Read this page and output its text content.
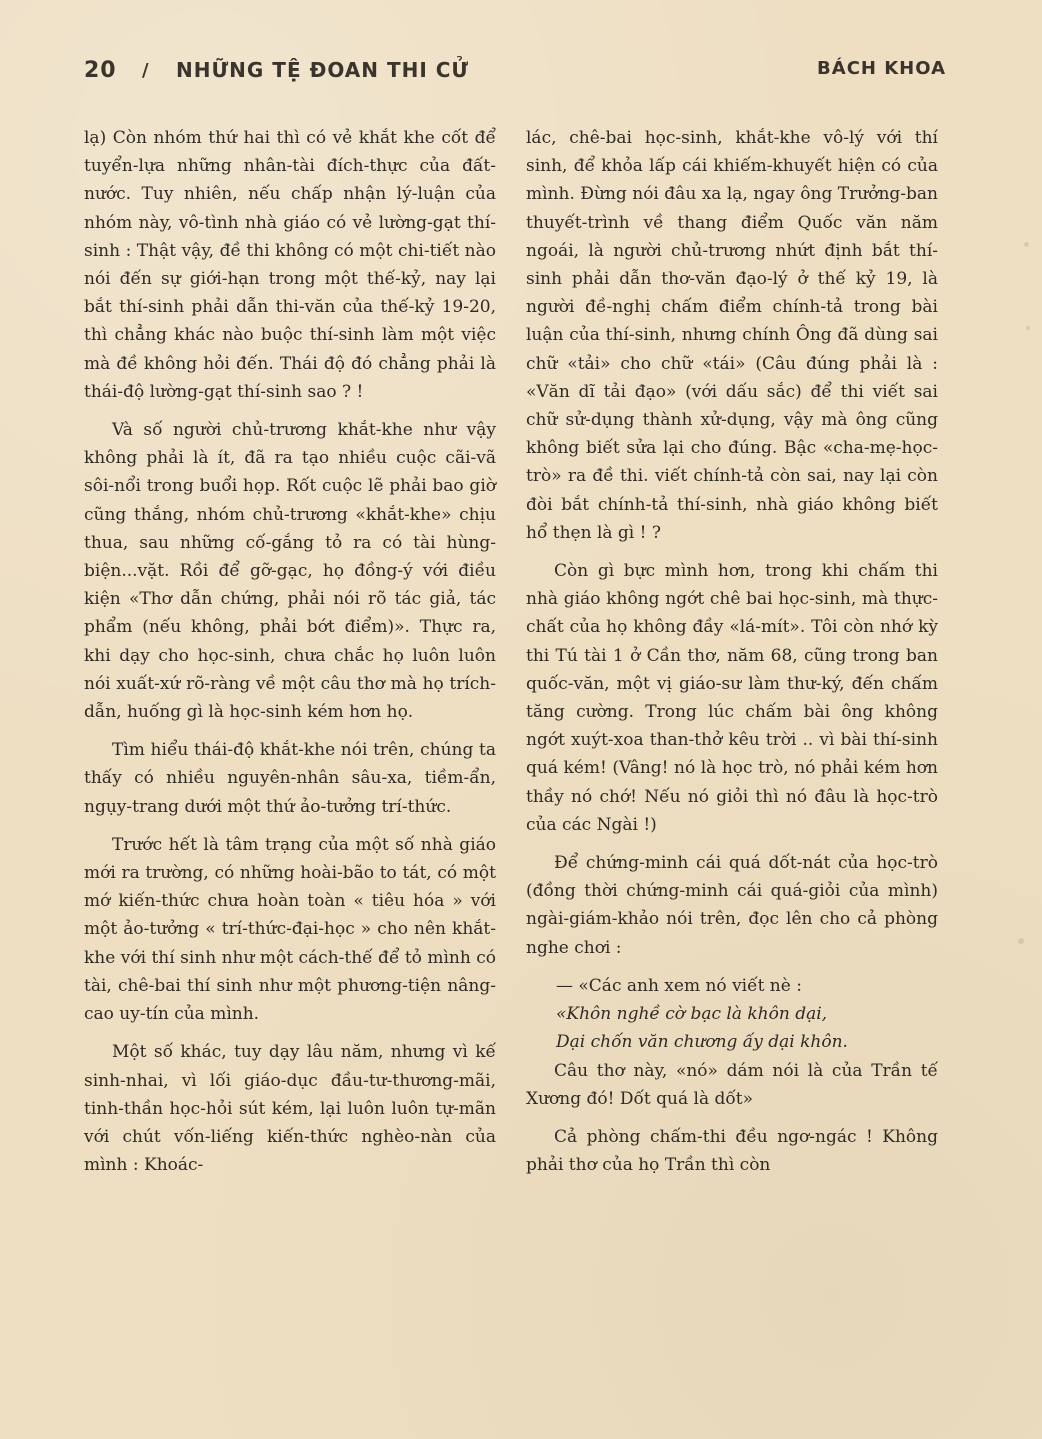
20 / NHỮNG TỆ ĐOAN THI CỬ	BÁCH KHOA

lạ) Còn nhóm thứ hai thì có vẻ khắt khe cốt để tuyển-lựa những nhân-tài đích-thực của đất-nước. Tuy nhiên, nếu chấp nhận lý-luận của nhóm này, vô-tình nhà giáo có vẻ lường-gạt thí-sinh : Thật vậy, đề thi không có một chi-tiết nào nói đến sự giới-hạn trong một thế-kỷ, nay lại bắt thí-sinh phải dẫn thi-văn của thế-kỷ 19-20, thì chẳng khác nào buộc thí-sinh làm một việc mà đề không hỏi đến. Thái độ đó chẳng phải là thái-độ lường-gạt thí-sinh sao ? !

Và số người chủ-trương khắt-khe như vậy không phải là ít, đã ra tạo nhiều cuộc cãi-vã sôi-nổi trong buổi họp. Rốt cuộc lẽ phải bao giờ cũng thắng, nhóm chủ-trương «khắt-khe» chịu thua, sau những cố-gắng tỏ ra có tài hùng-biện...vặt. Rồi để gỡ-gạc, họ đồng-ý với điều kiện «Thơ dẫn chứng, phải nói rõ tác giả, tác phẩm (nếu không, phải bớt điểm)». Thực ra, khi dạy cho học-sinh, chưa chắc họ luôn luôn nói xuất-xứ rõ-ràng về một câu thơ mà họ trích-dẫn, huống gì là học-sinh kém hơn họ.

Tìm hiểu thái-độ khắt-khe nói trên, chúng ta thấy có nhiều nguyên-nhân sâu-xa, tiềm-ẩn, ngụy-trang dưới một thứ ảo-tưởng trí-thức.

Trước hết là tâm trạng của một số nhà giáo mới ra trường, có những hoài-bão to tát, có một mớ kiến-thức chưa hoàn toàn « tiêu hóa » với một ảo-tưởng « trí-thức-đại-học » cho nên khắt-khe với thí sinh như một cách-thế để tỏ mình có tài, chê-bai thí sinh như một phương-tiện nâng-cao uy-tín của mình.

Một số khác, tuy dạy lâu năm, nhưng vì kế sinh-nhai, vì lối giáo-dục đầu-tư-thương-mãi, tinh-thần học-hỏi sút kém, lại luôn luôn tự-mãn với chút vốn-liếng kiến-thức nghèo-nàn của mình : Khoác-

lác, chê-bai học-sinh, khắt-khe vô-lý với thí sinh, để khỏa lấp cái khiếm-khuyết hiện có của mình. Đừng nói đâu xa lạ, ngay ông Trưởng-ban thuyết-trình về thang điểm Quốc văn năm ngoái, là người chủ-trương nhứt định bắt thí-sinh phải dẫn thơ-văn đạo-lý ở thế kỷ 19, là người đề-nghị chấm điểm chính-tả trong bài luận của thí-sinh, nhưng chính Ông đã dùng sai chữ «tải» cho chữ «tái» (Câu đúng phải là : «Văn dĩ tải đạo» (với dấu sắc) để thi viết sai chữ sử-dụng thành xử-dụng, vậy mà ông cũng không biết sửa lại cho đúng. Bậc «cha-mẹ-học-trò» ra đề thi. viết chính-tả còn sai, nay lại còn đòi bắt chính-tả thí-sinh, nhà giáo không biết hổ thẹn là gì ! ?

Còn gì bực mình hơn, trong khi chấm thi nhà giáo không ngớt chê bai học-sinh, mà thực-chất của họ không đầy «lá-mít». Tôi còn nhớ kỳ thi Tú tài 1 ở Cần thơ, năm 68, cũng trong ban quốc-văn, một vị giáo-sư làm thư-ký, đến chấm tăng cường. Trong lúc chấm bài ông không ngớt xuýt-xoa than-thở kêu trời .. vì bài thí-sinh quá kém! (Vâng! nó là học trò, nó phải kém hơn thầy nó chớ! Nếu nó giỏi thì nó đâu là học-trò của các Ngài !)

Để chứng-minh cái quá dốt-nát của học-trò (đồng thời chứng-minh cái quá-giỏi của mình) ngài-giám-khảo nói trên, đọc lên cho cả phòng nghe chơi :

— «Các anh xem nó viết nè :

«Khôn nghề cờ bạc là khôn dại,

Dại chốn văn chương ấy dại khôn.

Câu thơ này, «nó» dám nói là của Trần tế Xương đó! Dốt quá là dốt»

Cả phòng chấm-thi đều ngơ-ngác ! Không phải thơ của họ Trần thì còn
